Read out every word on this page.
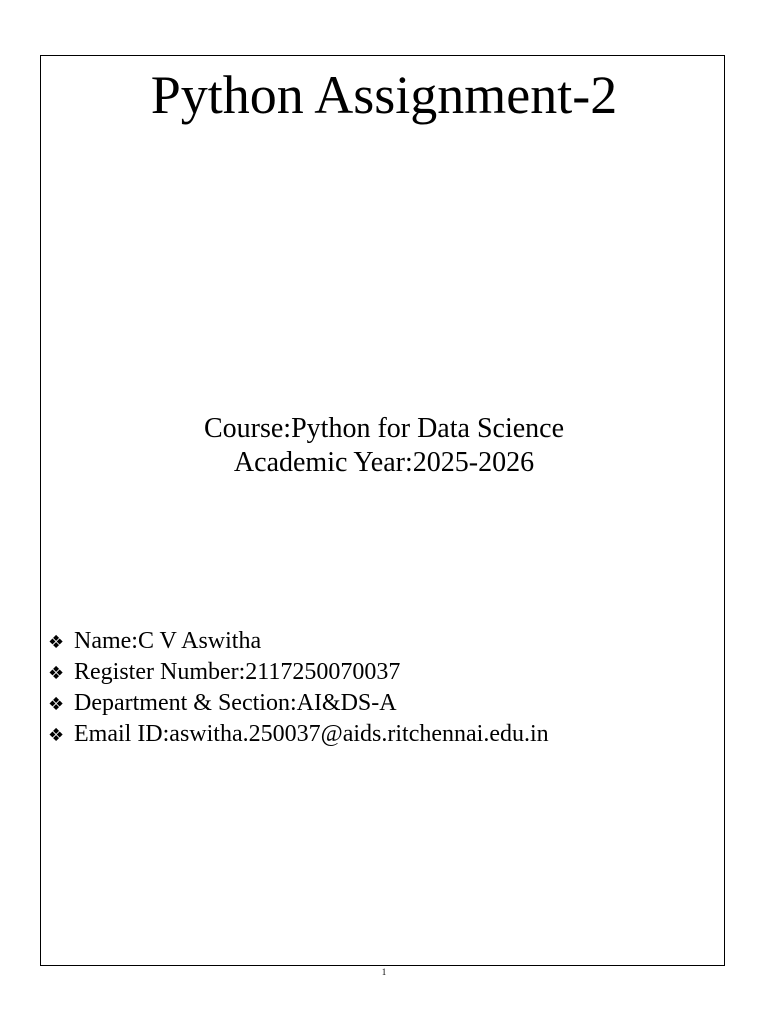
Python Assignment-2
Course:Python for Data Science
Academic Year:2025-2026
❖ Name:C V Aswitha
❖ Register Number:2117250070037
❖ Department & Section:AI&DS-A
❖ Email ID:aswitha.250037@aids.ritchennai.edu.in
1
